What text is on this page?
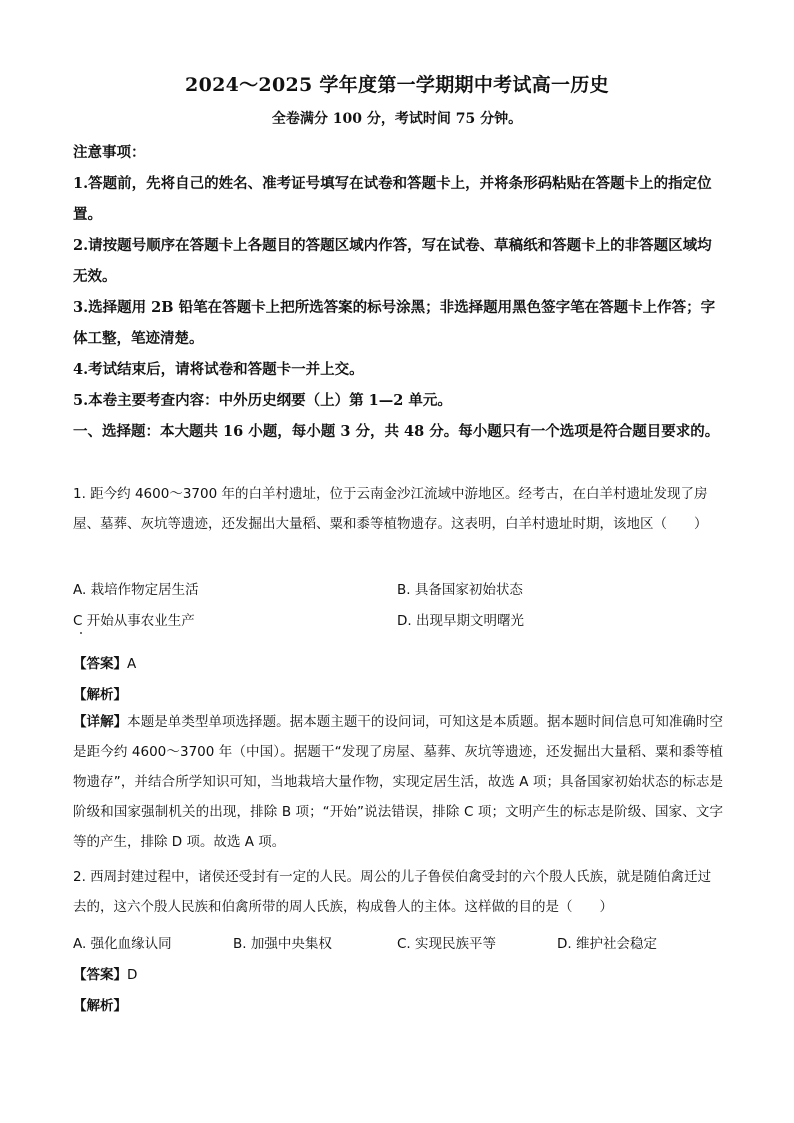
2024～2025 学年度第一学期期中考试高一历史
全卷满分 100 分，考试时间 75 分钟。
注意事项：
1.答题前，先将自己的姓名、准考证号填写在试卷和答题卡上，并将条形码粘贴在答题卡上的指定位置。
2.请按题号顺序在答题卡上各题目的答题区域内作答，写在试卷、草稿纸和答题卡上的非答题区域均无效。
3.选择题用 2B 铅笔在答题卡上把所选答案的标号涂黑；非选择题用黑色签字笔在答题卡上作答；字体工整，笔迹清楚。
4.考试结束后，请将试卷和答题卡一并上交。
5.本卷主要考查内容：中外历史纲要（上）第 1—2 单元。
一、选择题：本大题共 16 小题，每小题 3 分，共 48 分。每小题只有一个选项是符合题目要求的。
1. 距今约 4600～3700 年的白羊村遗址，位于云南金沙江流域中游地区。经考古，在白羊村遗址发现了房屋、墓葬、灰坑等遗迹，还发掘出大量稻、粟和黍等植物遗存。这表明，白羊村遗址时期，该地区（　　）
A. 栽培作物定居生活	B. 具备国家初始状态
C 开始从事农业生产	D. 出现早期文明曙光
【答案】A
【解析】
【详解】本题是单类型单项选择题。据本题主题干的设问词，可知这是本质题。据本题时间信息可知准确时空是距今约 4600～3700 年（中国）。据题干“发现了房屋、墓葬、灰坑等遗迹，还发掘出大量稻、粟和黍等植物遗存”，并结合所学知识可知，当地栽培大量作物，实现定居生活，故选 A 项；具备国家初始状态的标志是阶级和国家强制机关的出现，排除 B 项；“开始”说法错误，排除 C 项；文明产生的标志是阶级、国家、文字等的产生，排除 D 项。故选 A 项。
2. 西周封建过程中，诸侯还受封有一定的人民。周公的儿子鲁侯伯禽受封的六个殷人氏族，就是随伯禽迁过去的，这六个殷人民族和伯禽所带的周人氏族，构成鲁人的主体。这样做的目的是（　　）
A. 强化血缘认同	B. 加强中央集权	C. 实现民族平等	D. 维护社会稳定
【答案】D
【解析】
